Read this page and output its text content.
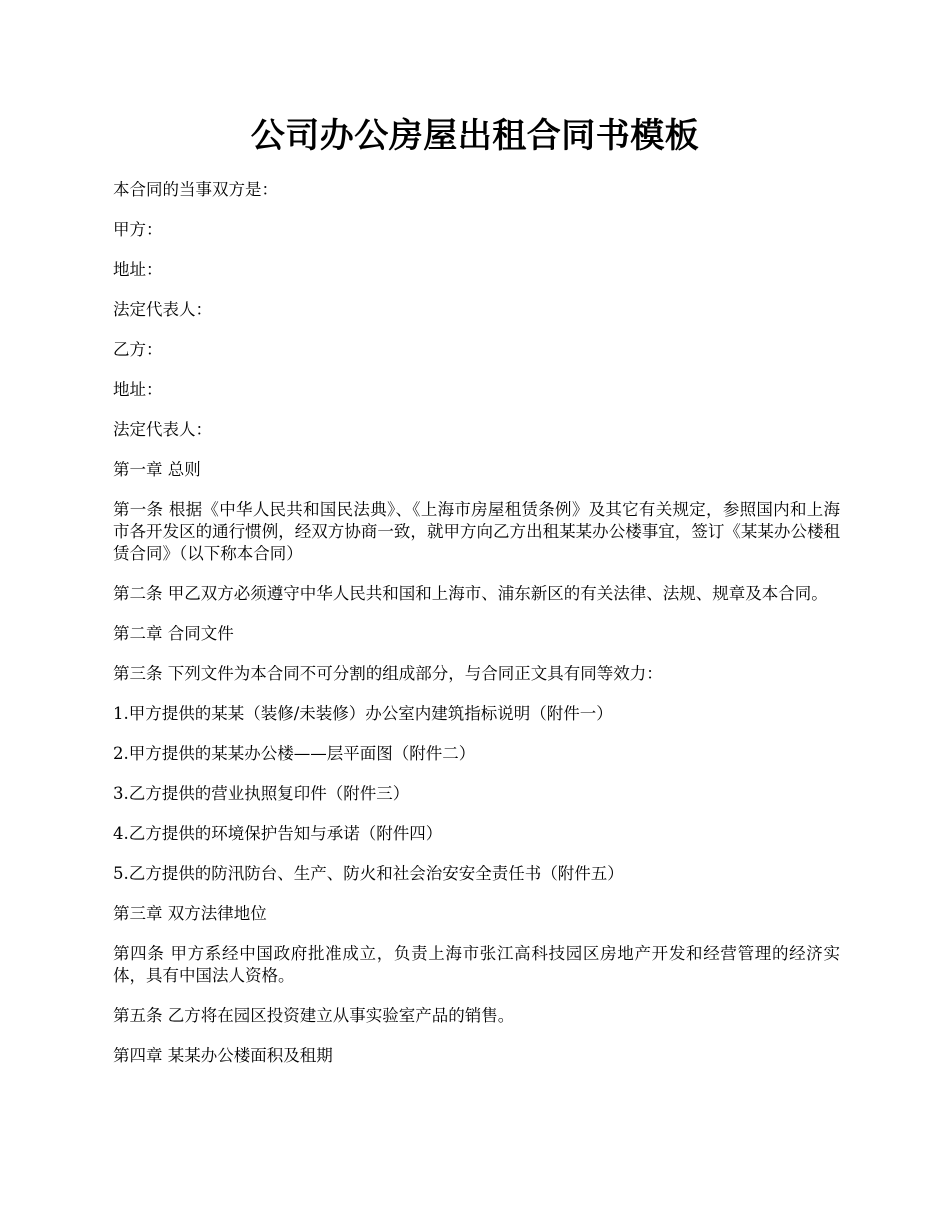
公司办公房屋出租合同书模板

本合同的当事双方是：

甲方：

地址：

法定代表人：

乙方：

地址：

法定代表人：

第一章 总则

第一条 根据《中华人民共和国民法典》、《上海市房屋租赁条例》及其它有关规定，参照国内和上海市各开发区的通行惯例，经双方协商一致，就甲方向乙方出租某某办公楼事宜，签订《某某办公楼租赁合同》（以下称本合同）

第二条 甲乙双方必须遵守中华人民共和国和上海市、浦东新区的有关法律、法规、规章及本合同。

第二章 合同文件

第三条 下列文件为本合同不可分割的组成部分，与合同正文具有同等效力：

1.甲方提供的某某（装修/未装修）办公室内建筑指标说明（附件一）

2.甲方提供的某某办公楼——层平面图（附件二）

3.乙方提供的营业执照复印件（附件三）

4.乙方提供的环境保护告知与承诺（附件四）

5.乙方提供的防汛防台、生产、防火和社会治安安全责任书（附件五）

第三章 双方法律地位

第四条 甲方系经中国政府批准成立，负责上海市张江高科技园区房地产开发和经营管理的经济实体，具有中国法人资格。

第五条 乙方将在园区投资建立从事实验室产品的销售。

第四章 某某办公楼面积及租期
